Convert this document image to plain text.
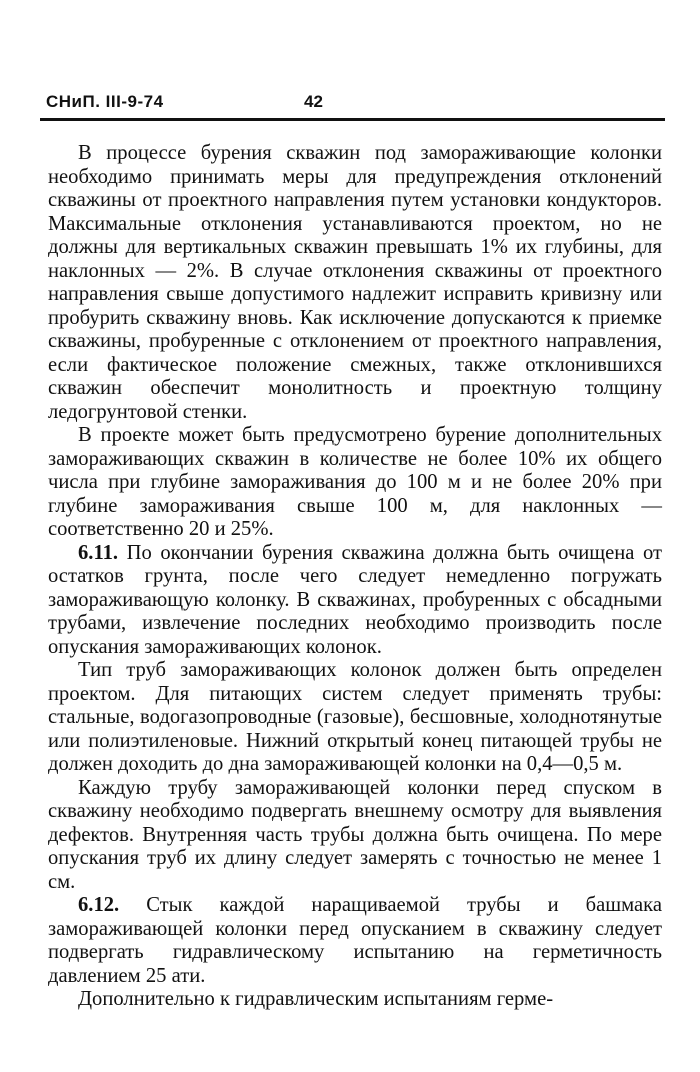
СНиП. III-9-74	42

В процессе бурения скважин под замораживающие колонки необходимо принимать меры для предупреждения отклонений скважины от проектного направления путем установки кондукторов. Максимальные отклонения устанавливаются проектом, но не должны для вертикальных скважин превышать 1% их глубины, для наклонных — 2%. В случае отклонения скважины от проектного направления свыше допустимого надлежит исправить кривизну или пробурить скважину вновь. Как исключение допускаются к приемке скважины, пробуренные с отклонением от проектного направления, если фактическое положение смежных, также отклонившихся скважин обеспечит монолитность и проектную толщину ледогрунтовой стенки.

В проекте может быть предусмотрено бурение дополнительных замораживающих скважин в количестве не более 10% их общего числа при глубине замораживания до 100 м и не более 20% при глубине замораживания свыше 100 м, для наклонных — соответственно 20 и 25%.

6.11. По окончании бурения скважина должна быть очищена от остатков грунта, после чего следует немедленно погружать замораживающую колонку. В скважинах, пробуренных с обсадными трубами, извлечение последних необходимо производить после опускания замораживающих колонок.

Тип труб замораживающих колонок должен быть определен проектом. Для питающих систем следует применять трубы: стальные, водогазопроводные (газовые), бесшовные, холоднотянутые или полиэтиленовые. Нижний открытый конец питающей трубы не должен доходить до дна замораживающей колонки на 0,4—0,5 м.

Каждую трубу замораживающей колонки перед спуском в скважину необходимо подвергать внешнему осмотру для выявления дефектов. Внутренняя часть трубы должна быть очищена. По мере опускания труб их длину следует замерять с точностью не менее 1 см.

6.12. Стык каждой наращиваемой трубы и башмака замораживающей колонки перед опусканием в скважину следует подвергать гидравлическому испытанию на герметичность давлением 25 ати.

Дополнительно к гидравлическим испытаниям герме-
